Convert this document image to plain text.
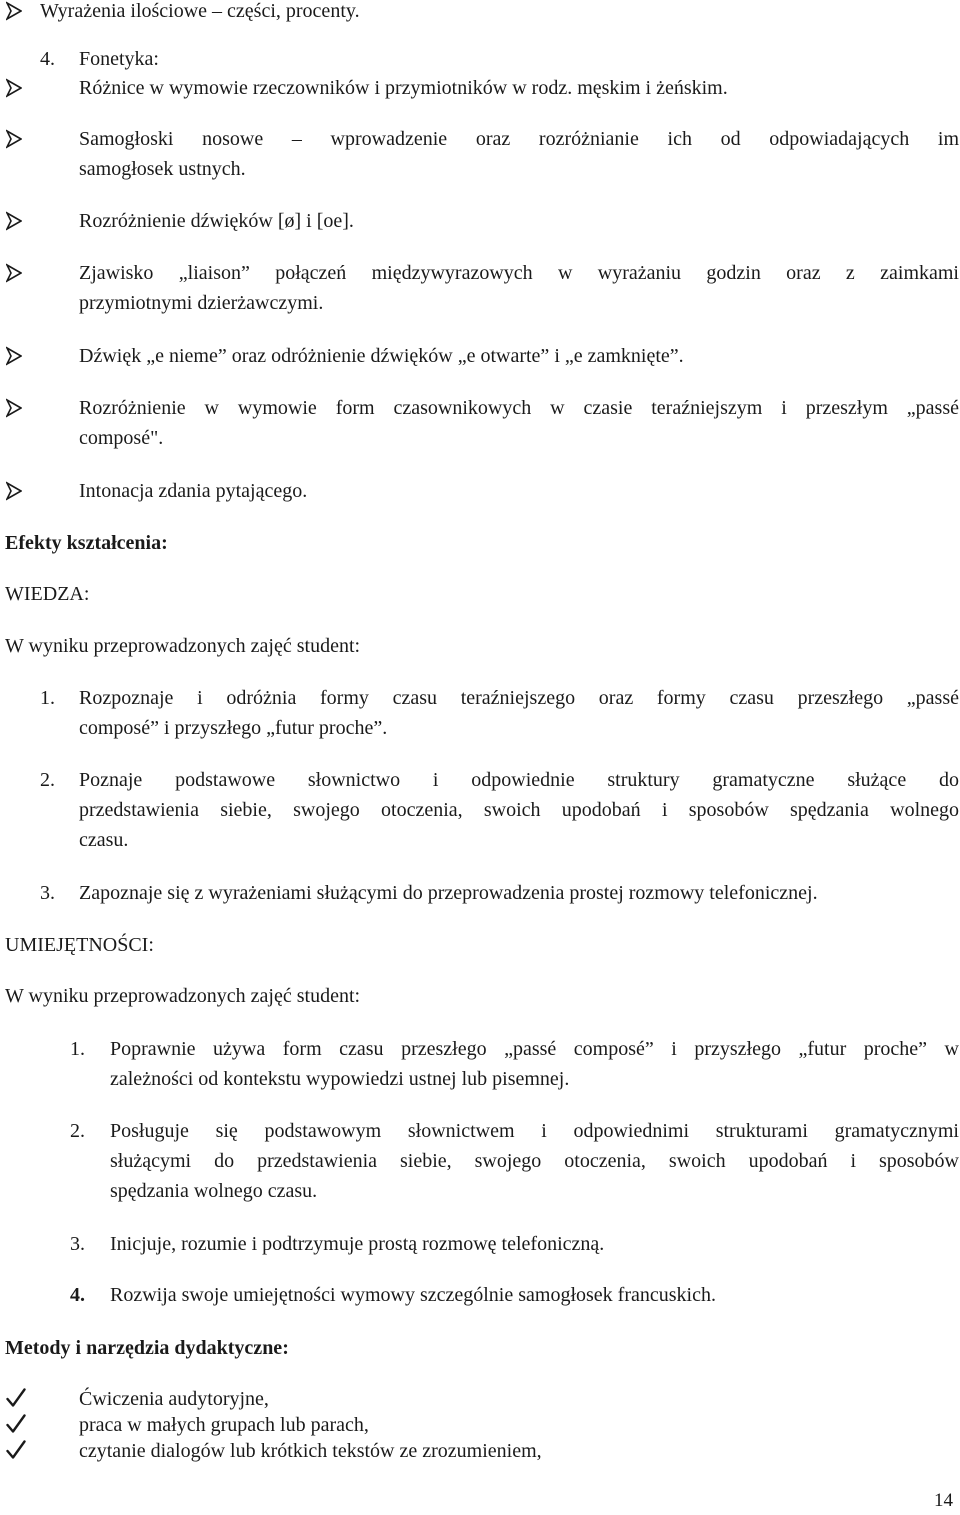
Wyrażenia ilościowe – części, procenty.
4. Fonetyka:
Różnice w wymowie rzeczowników i przymiotników w rodz. męskim i żeńskim.
Samogłoski nosowe – wprowadzenie oraz rozróżnianie ich od odpowiadających im
samogłosek ustnych.
Rozróżnienie dźwięków [ø] i [oe].
Zjawisko „liaison” połączeń międzywyrazowych w wyrażaniu godzin oraz z zaimkami
przymiotnymi dzierżawczymi.
Dźwięk „e nieme” oraz odróżnienie dźwięków „e otwarte” i „e zamknięte”.
Rozróżnienie w wymowie form czasownikowych w czasie teraźniejszym i przeszłym „passé
composé".
Intonacja zdania pytającego.
Efekty kształcenia:
WIEDZA:
W wyniku przeprowadzonych zajęć student:
1. Rozpoznaje i odróżnia formy czasu teraźniejszego oraz formy czasu przeszłego „passé
composé” i przyszłego „futur proche”.
2. Poznaje podstawowe słownictwo i odpowiednie struktury gramatyczne służące do
przedstawienia siebie, swojego otoczenia, swoich upodobań i sposobów spędzania wolnego
czasu.
3. Zapoznaje się z wyrażeniami służącymi do przeprowadzenia prostej rozmowy telefonicznej.
UMIEJĘTNOŚCI:
W wyniku przeprowadzonych zajęć student:
1. Poprawnie używa form czasu przeszłego „passé composé” i przyszłego „futur proche” w
zależności od kontekstu wypowiedzi ustnej lub pisemnej.
2. Posługuje się podstawowym słownictwem i odpowiednimi strukturami gramatycznymi
służącymi do przedstawienia siebie, swojego otoczenia, swoich upodobań i sposobów
spędzania wolnego czasu.
3. Inicjuje, rozumie i podtrzymuje prostą rozmowę telefoniczną.
4. Rozwija swoje umiejętności wymowy szczególnie samogłosek francuskich.
Metody i narzędzia dydaktyczne:
Ćwiczenia audytoryjne,
praca w małych grupach lub parach,
czytanie dialogów lub krótkich tekstów ze zrozumieniem,
14
